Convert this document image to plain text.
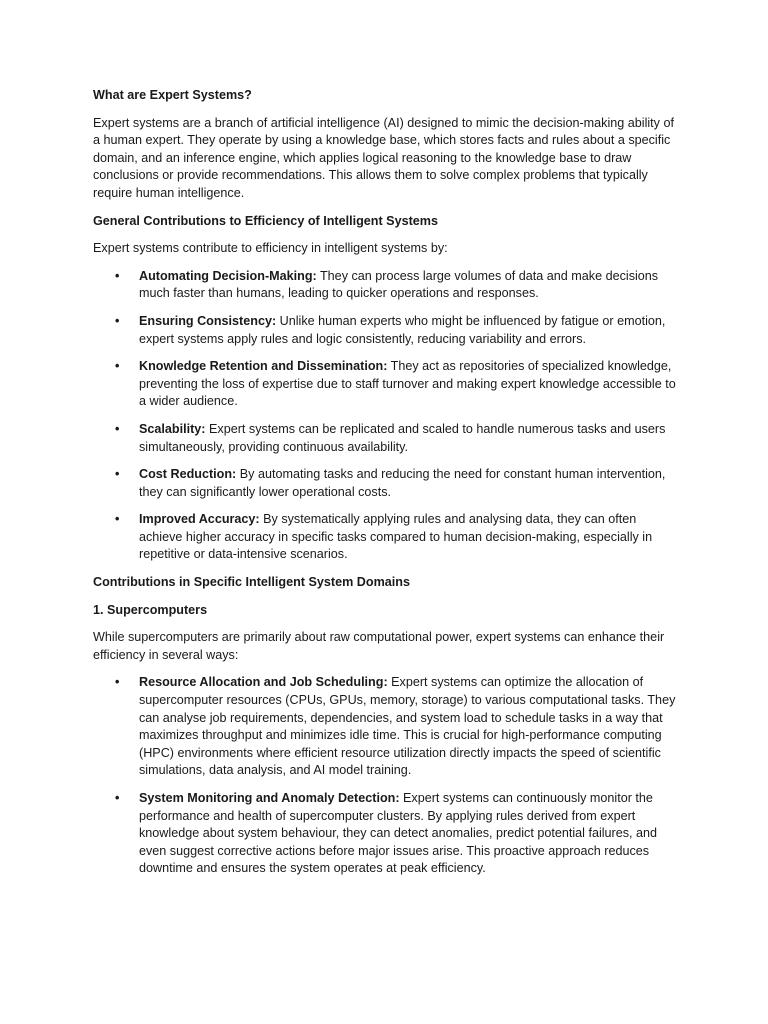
What are Expert Systems?
Expert systems are a branch of artificial intelligence (AI) designed to mimic the decision-making ability of a human expert. They operate by using a knowledge base, which stores facts and rules about a specific domain, and an inference engine, which applies logical reasoning to the knowledge base to draw conclusions or provide recommendations. This allows them to solve complex problems that typically require human intelligence.
General Contributions to Efficiency of Intelligent Systems
Expert systems contribute to efficiency in intelligent systems by:
• Automating Decision-Making: They can process large volumes of data and make decisions much faster than humans, leading to quicker operations and responses.
• Ensuring Consistency: Unlike human experts who might be influenced by fatigue or emotion, expert systems apply rules and logic consistently, reducing variability and errors.
• Knowledge Retention and Dissemination: They act as repositories of specialized knowledge, preventing the loss of expertise due to staff turnover and making expert knowledge accessible to a wider audience.
• Scalability: Expert systems can be replicated and scaled to handle numerous tasks and users simultaneously, providing continuous availability.
• Cost Reduction: By automating tasks and reducing the need for constant human intervention, they can significantly lower operational costs.
• Improved Accuracy: By systematically applying rules and analysing data, they can often achieve higher accuracy in specific tasks compared to human decision-making, especially in repetitive or data-intensive scenarios.
Contributions in Specific Intelligent System Domains
1. Supercomputers
While supercomputers are primarily about raw computational power, expert systems can enhance their efficiency in several ways:
• Resource Allocation and Job Scheduling: Expert systems can optimize the allocation of supercomputer resources (CPUs, GPUs, memory, storage) to various computational tasks. They can analyse job requirements, dependencies, and system load to schedule tasks in a way that maximizes throughput and minimizes idle time. This is crucial for high-performance computing (HPC) environments where efficient resource utilization directly impacts the speed of scientific simulations, data analysis, and AI model training.
• System Monitoring and Anomaly Detection: Expert systems can continuously monitor the performance and health of supercomputer clusters. By applying rules derived from expert knowledge about system behaviour, they can detect anomalies, predict potential failures, and even suggest corrective actions before major issues arise. This proactive approach reduces downtime and ensures the system operates at peak efficiency.
